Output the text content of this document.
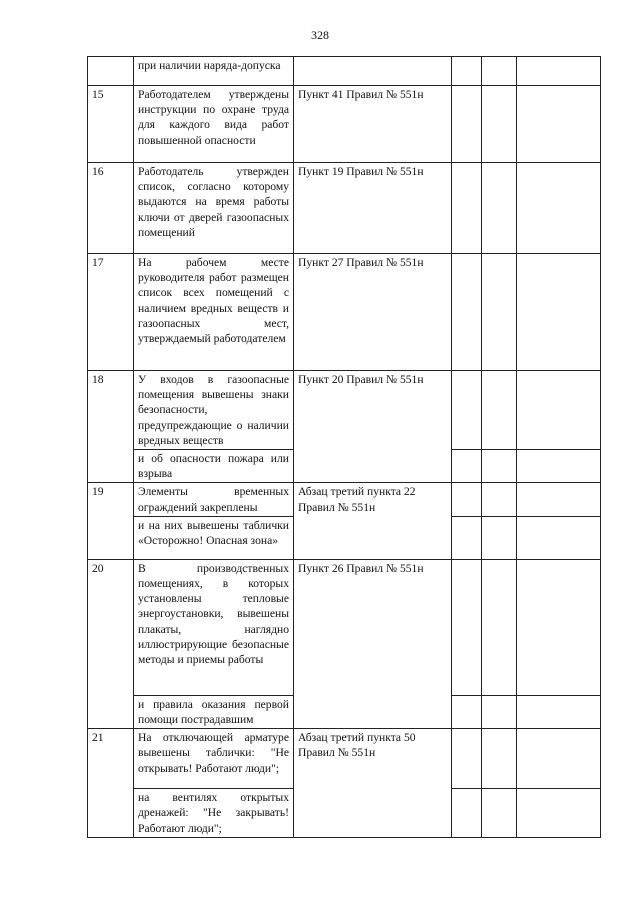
328
	при наличии наряда-допуска				
15	Работодателем утверждены инструкции по охране труда для каждого вида работ повышенной опасности	Пункт 41 Правил № 551н			
16	Работодатель утвержден список, согласно которому выдаются на время работы ключи от дверей газоопасных помещений	Пункт 19 Правил № 551н			
17	На рабочем месте руководителя работ размещен список всех помещений с наличием вредных веществ и газоопасных мест, утверждаемый работодателем	Пункт 27 Правил № 551н			
18	У входов в газоопасные помещения вывешены знаки безопасности, предупреждающие о наличии вредных веществ	Пункт 20 Правил № 551н			
	и об опасности пожара или взрыва				
19	Элементы временных ограждений закреплены	Абзац третий пункта 22 Правил № 551н			
	и на них вывешены таблички «Осторожно! Опасная зона»				
20	В производственных помещениях, в которых установлены тепловые энергоустановки, вывешены плакаты, наглядно иллюстрирующие безопасные методы и приемы работы	Пункт 26 Правил № 551н			
	и правила оказания первой помощи пострадавшим				
21	На отключающей арматуре вывешены таблички: "Не открывать! Работают люди";	Абзац третий пункта 50 Правил № 551н			
	на вентилях открытых дренажей: "Не закрывать! Работают люди";				
